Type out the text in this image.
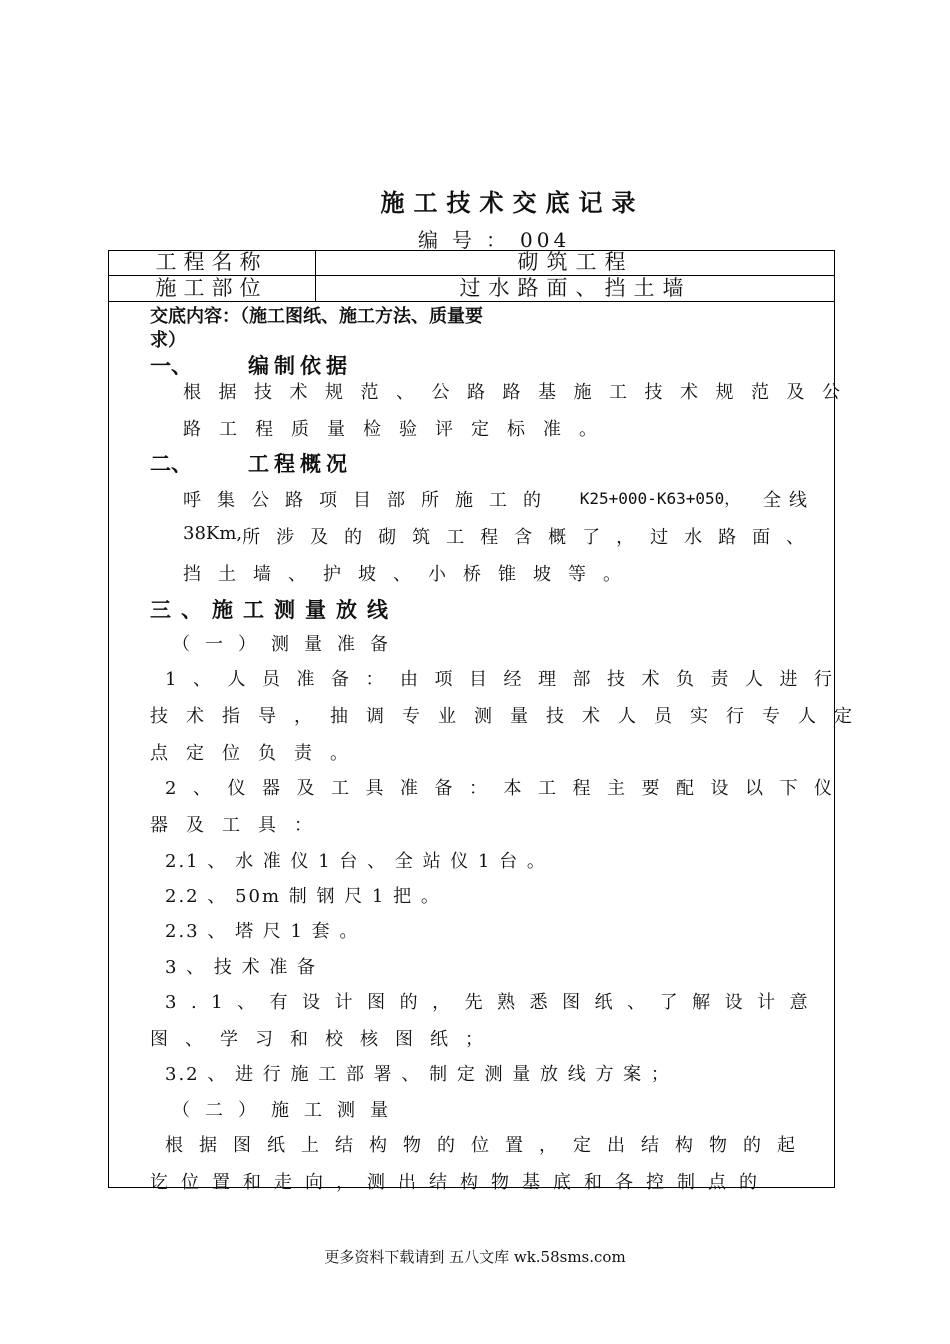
施工技术交底记录
编号：004
工程名称	砌筑工程
施工部位	过水路面、挡土墙
交底内容：（施工图纸、施工方法、质量要
求）
一、	编制依据
根据技术规范、公路路基施工技术规范及公
路工程质量检验评定标准。
二、	工程概况
呼集公路项目部所施工的 K25+000-K63+050， 全线
38Km, 所涉及的砌筑工程含概了，过水路面、
挡土墙、护坡、小桥锥坡等。
三、施工测量放线
（一）测量准备
1、人员准备：由项目经理部技术负责人进行
技术指导，抽调专业测量技术人员实行专人定
点定位负责。
2、仪器及工具准备：本工程主要配设以下仪
器及工具：
2.1 、 水 准 仪 1 台 、 全 站 仪 1 台 。
2.2 、 50m 制 钢 尺 1 把 。
2.3 、 塔 尺 1 套 。
3 、 技 术 准 备
3.1、有设计图的，先熟悉图纸、了解设计意
图、学习和校核图纸；
3.2 、 进 行 施 工 部 署 、 制 定 测 量 放 线 方 案 ；
（二）施工测量
根据图纸上结构物的位置，定出结构物的起
讫位置和走向，测出结构物基底和各控制点的
更多资料下载请到 五八文库 wk.58sms.com
